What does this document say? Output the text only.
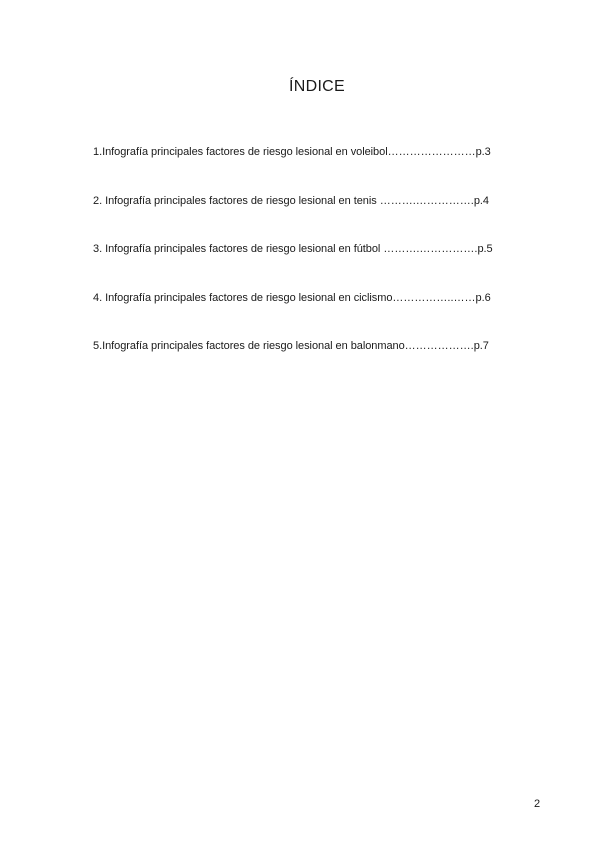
ÍNDICE
1.Infografía principales factores de riesgo lesional en voleibol……………………p.3
2. Infografía principales factores de riesgo lesional en tenis ……….…………….p.4
3. Infografía principales factores de riesgo lesional en fútbol ……….…………….p.5
4. Infografía principales factores de riesgo lesional en ciclismo……………..……p.6
5.Infografía principales factores de riesgo lesional en balonmano……………….p.7
2
